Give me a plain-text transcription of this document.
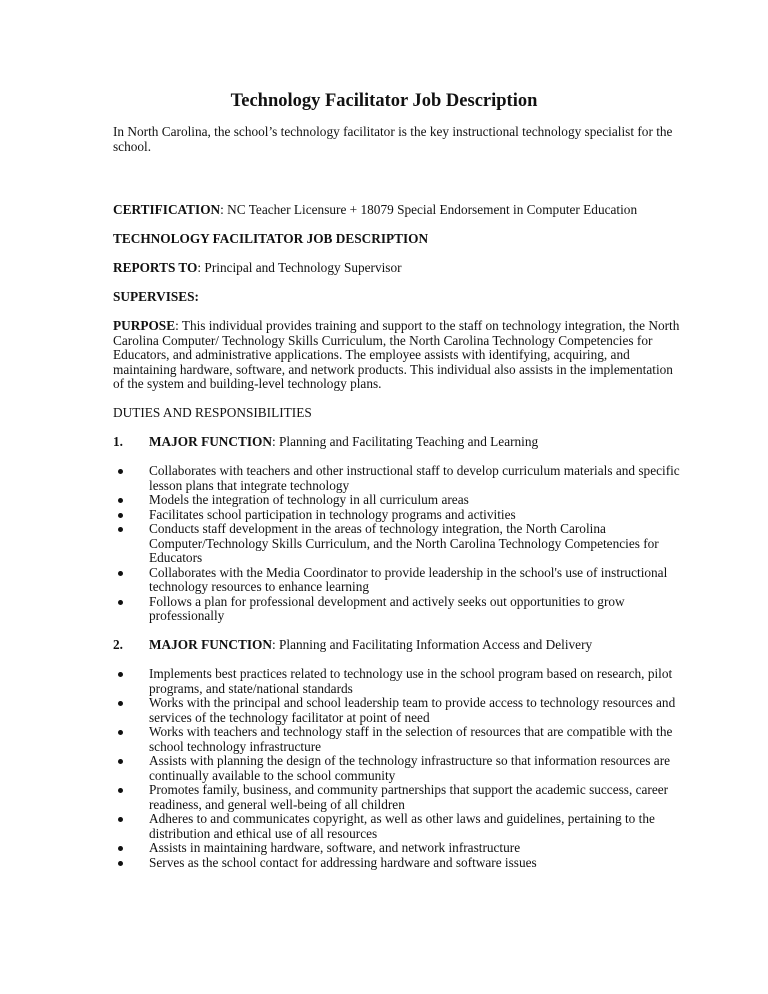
Technology Facilitator Job Description

In North Carolina, the school’s technology facilitator is the key instructional technology specialist for the
school.

CERTIFICATION: NC Teacher Licensure + 18079 Special Endorsement in Computer Education

TECHNOLOGY FACILITATOR JOB DESCRIPTION

REPORTS TO: Principal and Technology Supervisor

SUPERVISES:

PURPOSE: This individual provides training and support to the staff on technology integration, the North
Carolina Computer/ Technology Skills Curriculum, the North Carolina Technology Competencies for
Educators, and administrative applications. The employee assists with identifying, acquiring, and
maintaining hardware, software, and network products. This individual also assists in the implementation
of the system and building-level technology plans.

DUTIES AND RESPONSIBILITIES

1. MAJOR FUNCTION: Planning and Facilitating Teaching and Learning

Collaborates with teachers and other instructional staff to develop curriculum materials and specific
lesson plans that integrate technology
Models the integration of technology in all curriculum areas
Facilitates school participation in technology programs and activities
Conducts staff development in the areas of technology integration, the North Carolina
Computer/Technology Skills Curriculum, and the North Carolina Technology Competencies for
Educators
Collaborates with the Media Coordinator to provide leadership in the school's use of instructional
technology resources to enhance learning
Follows a plan for professional development and actively seeks out opportunities to grow
professionally

2. MAJOR FUNCTION: Planning and Facilitating Information Access and Delivery

Implements best practices related to technology use in the school program based on research, pilot
programs, and state/national standards
Works with the principal and school leadership team to provide access to technology resources and
services of the technology facilitator at point of need
Works with teachers and technology staff in the selection of resources that are compatible with the
school technology infrastructure
Assists with planning the design of the technology infrastructure so that information resources are
continually available to the school community
Promotes family, business, and community partnerships that support the academic success, career
readiness, and general well-being of all children
Adheres to and communicates copyright, as well as other laws and guidelines, pertaining to the
distribution and ethical use of all resources
Assists in maintaining hardware, software, and network infrastructure
Serves as the school contact for addressing hardware and software issues
